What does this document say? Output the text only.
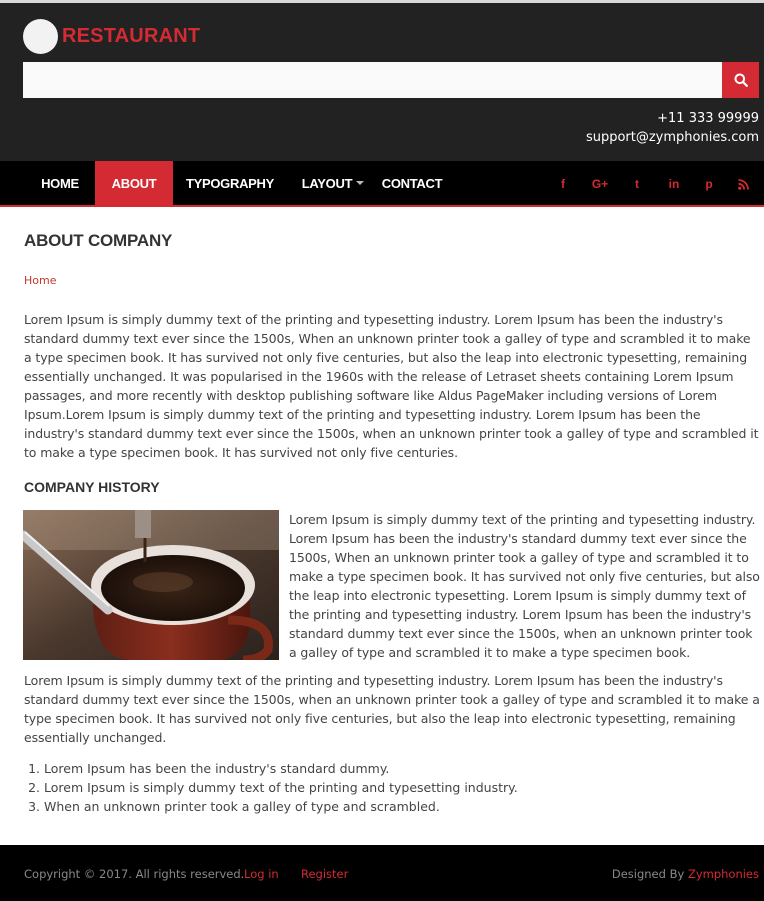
RESTAURANT
+11 333 99999
support@zymphonies.com
HOME	ABOUT	TYPOGRAPHY	LAYOUT	CONTACT	f	G+	t	in	p
ABOUT COMPANY
Home

Lorem Ipsum is simply dummy text of the printing and typesetting industry. Lorem Ipsum has been the industry's standard dummy text ever since the 1500s, When an unknown printer took a galley of type and scrambled it to make a type specimen book. It has survived not only five centuries, but also the leap into electronic typesetting, remaining essentially unchanged. It was popularised in the 1960s with the release of Letraset sheets containing Lorem Ipsum passages, and more recently with desktop publishing software like Aldus PageMaker including versions of Lorem Ipsum.Lorem Ipsum is simply dummy text of the printing and typesetting industry. Lorem Ipsum has been the industry's standard dummy text ever since the 1500s, when an unknown printer took a galley of type and scrambled it to make a type specimen book. It has survived not only five centuries.

COMPANY HISTORY

Lorem Ipsum is simply dummy text of the printing and typesetting industry. Lorem Ipsum has been the industry's standard dummy text ever since the 1500s, When an unknown printer took a galley of type and scrambled it to make a type specimen book. It has survived not only five centuries, but also the leap into electronic typesetting. Lorem Ipsum is simply dummy text of the printing and typesetting industry. Lorem Ipsum has been the industry's standard dummy text ever since the 1500s, when an unknown printer took a galley of type and scrambled it to make a type specimen book.

Lorem Ipsum is simply dummy text of the printing and typesetting industry. Lorem Ipsum has been the industry's standard dummy text ever since the 1500s, when an unknown printer took a galley of type and scrambled it to make a type specimen book. It has survived not only five centuries, but also the leap into electronic typesetting, remaining essentially unchanged.

1. Lorem Ipsum has been the industry's standard dummy.
2. Lorem Ipsum is simply dummy text of the printing and typesetting industry.
3. When an unknown printer took a galley of type and scrambled.
Copyright © 2017. All rights reserved. Log in Register	Designed By Zymphonies
